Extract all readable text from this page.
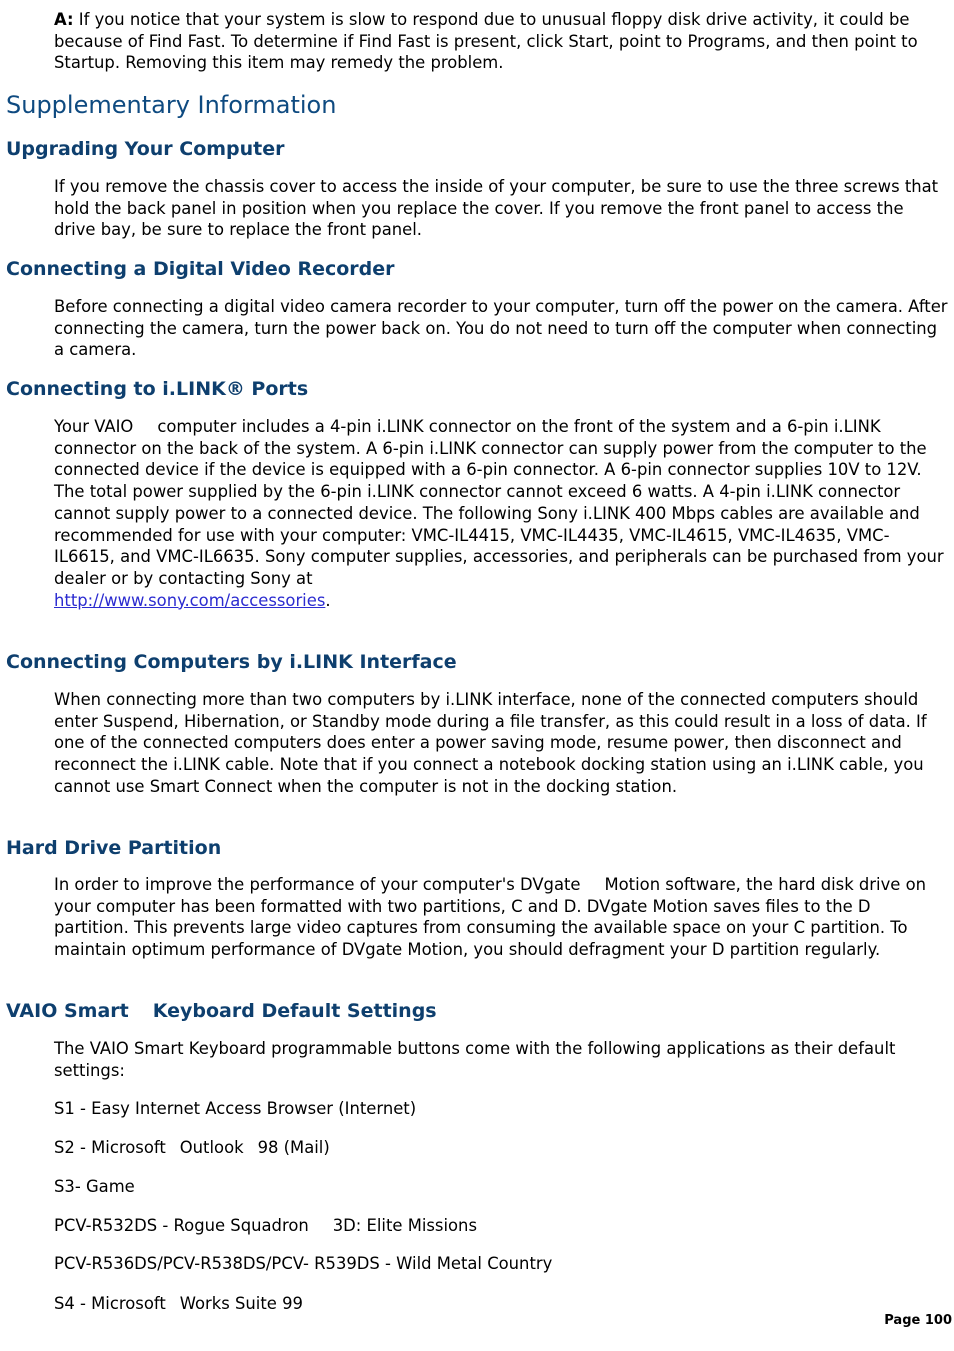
A: If you notice that your system is slow to respond due to unusual floppy disk drive activity, it could be because of Find Fast. To determine if Find Fast is present, click Start, point to Programs, and then point to Startup. Removing this item may remedy the problem.

Supplementary Information
Upgrading Your Computer

If you remove the chassis cover to access the inside of your computer, be sure to use the three screws that hold the back panel in position when you replace the cover. If you remove the front panel to access the drive bay, be sure to replace the front panel.

Connecting a Digital Video Recorder

Before connecting a digital video camera recorder to your computer, turn off the power on the camera. After connecting the camera, turn the power back on. You do not need to turn off the computer when connecting a camera.

Connecting to i.LINK® Ports

Your VAIO computer includes a 4-pin i.LINK connector on the front of the system and a 6-pin i.LINK connector on the back of the system. A 6-pin i.LINK connector can supply power from the computer to the connected device if the device is equipped with a 6-pin connector. A 6-pin connector supplies 10V to 12V. The total power supplied by the 6-pin i.LINK connector cannot exceed 6 watts. A 4-pin i.LINK connector cannot supply power to a connected device. The following Sony i.LINK 400 Mbps cables are available and recommended for use with your computer: VMC-IL4415, VMC-IL4435, VMC-IL4615, VMC-IL4635, VMC-IL6615, and VMC-IL6635. Sony computer supplies, accessories, and peripherals can be purchased from your dealer or by contacting Sony at
http://www.sony.com/accessories.

Connecting Computers by i.LINK Interface

When connecting more than two computers by i.LINK interface, none of the connected computers should enter Suspend, Hibernation, or Standby mode during a file transfer, as this could result in a loss of data. If one of the connected computers does enter a power saving mode, resume power, then disconnect and reconnect the i.LINK cable. Note that if you connect a notebook docking station using an i.LINK cable, you cannot use Smart Connect when the computer is not in the docking station.

Hard Drive Partition

In order to improve the performance of your computer's DVgate Motion software, the hard disk drive on your computer has been formatted with two partitions, C and D. DVgate Motion saves files to the D partition. This prevents large video captures from consuming the available space on your C partition. To maintain optimum performance of DVgate Motion, you should defragment your D partition regularly.

VAIO Smart Keyboard Default Settings

The VAIO Smart Keyboard programmable buttons come with the following applications as their default settings:

S1 - Easy Internet Access Browser (Internet)

S2 - Microsoft Outlook 98 (Mail)

S3- Game

PCV-R532DS - Rogue Squadron 3D: Elite Missions

PCV-R536DS/PCV-R538DS/PCV- R539DS - Wild Metal Country

S4 - Microsoft Works Suite 99

Page 100
